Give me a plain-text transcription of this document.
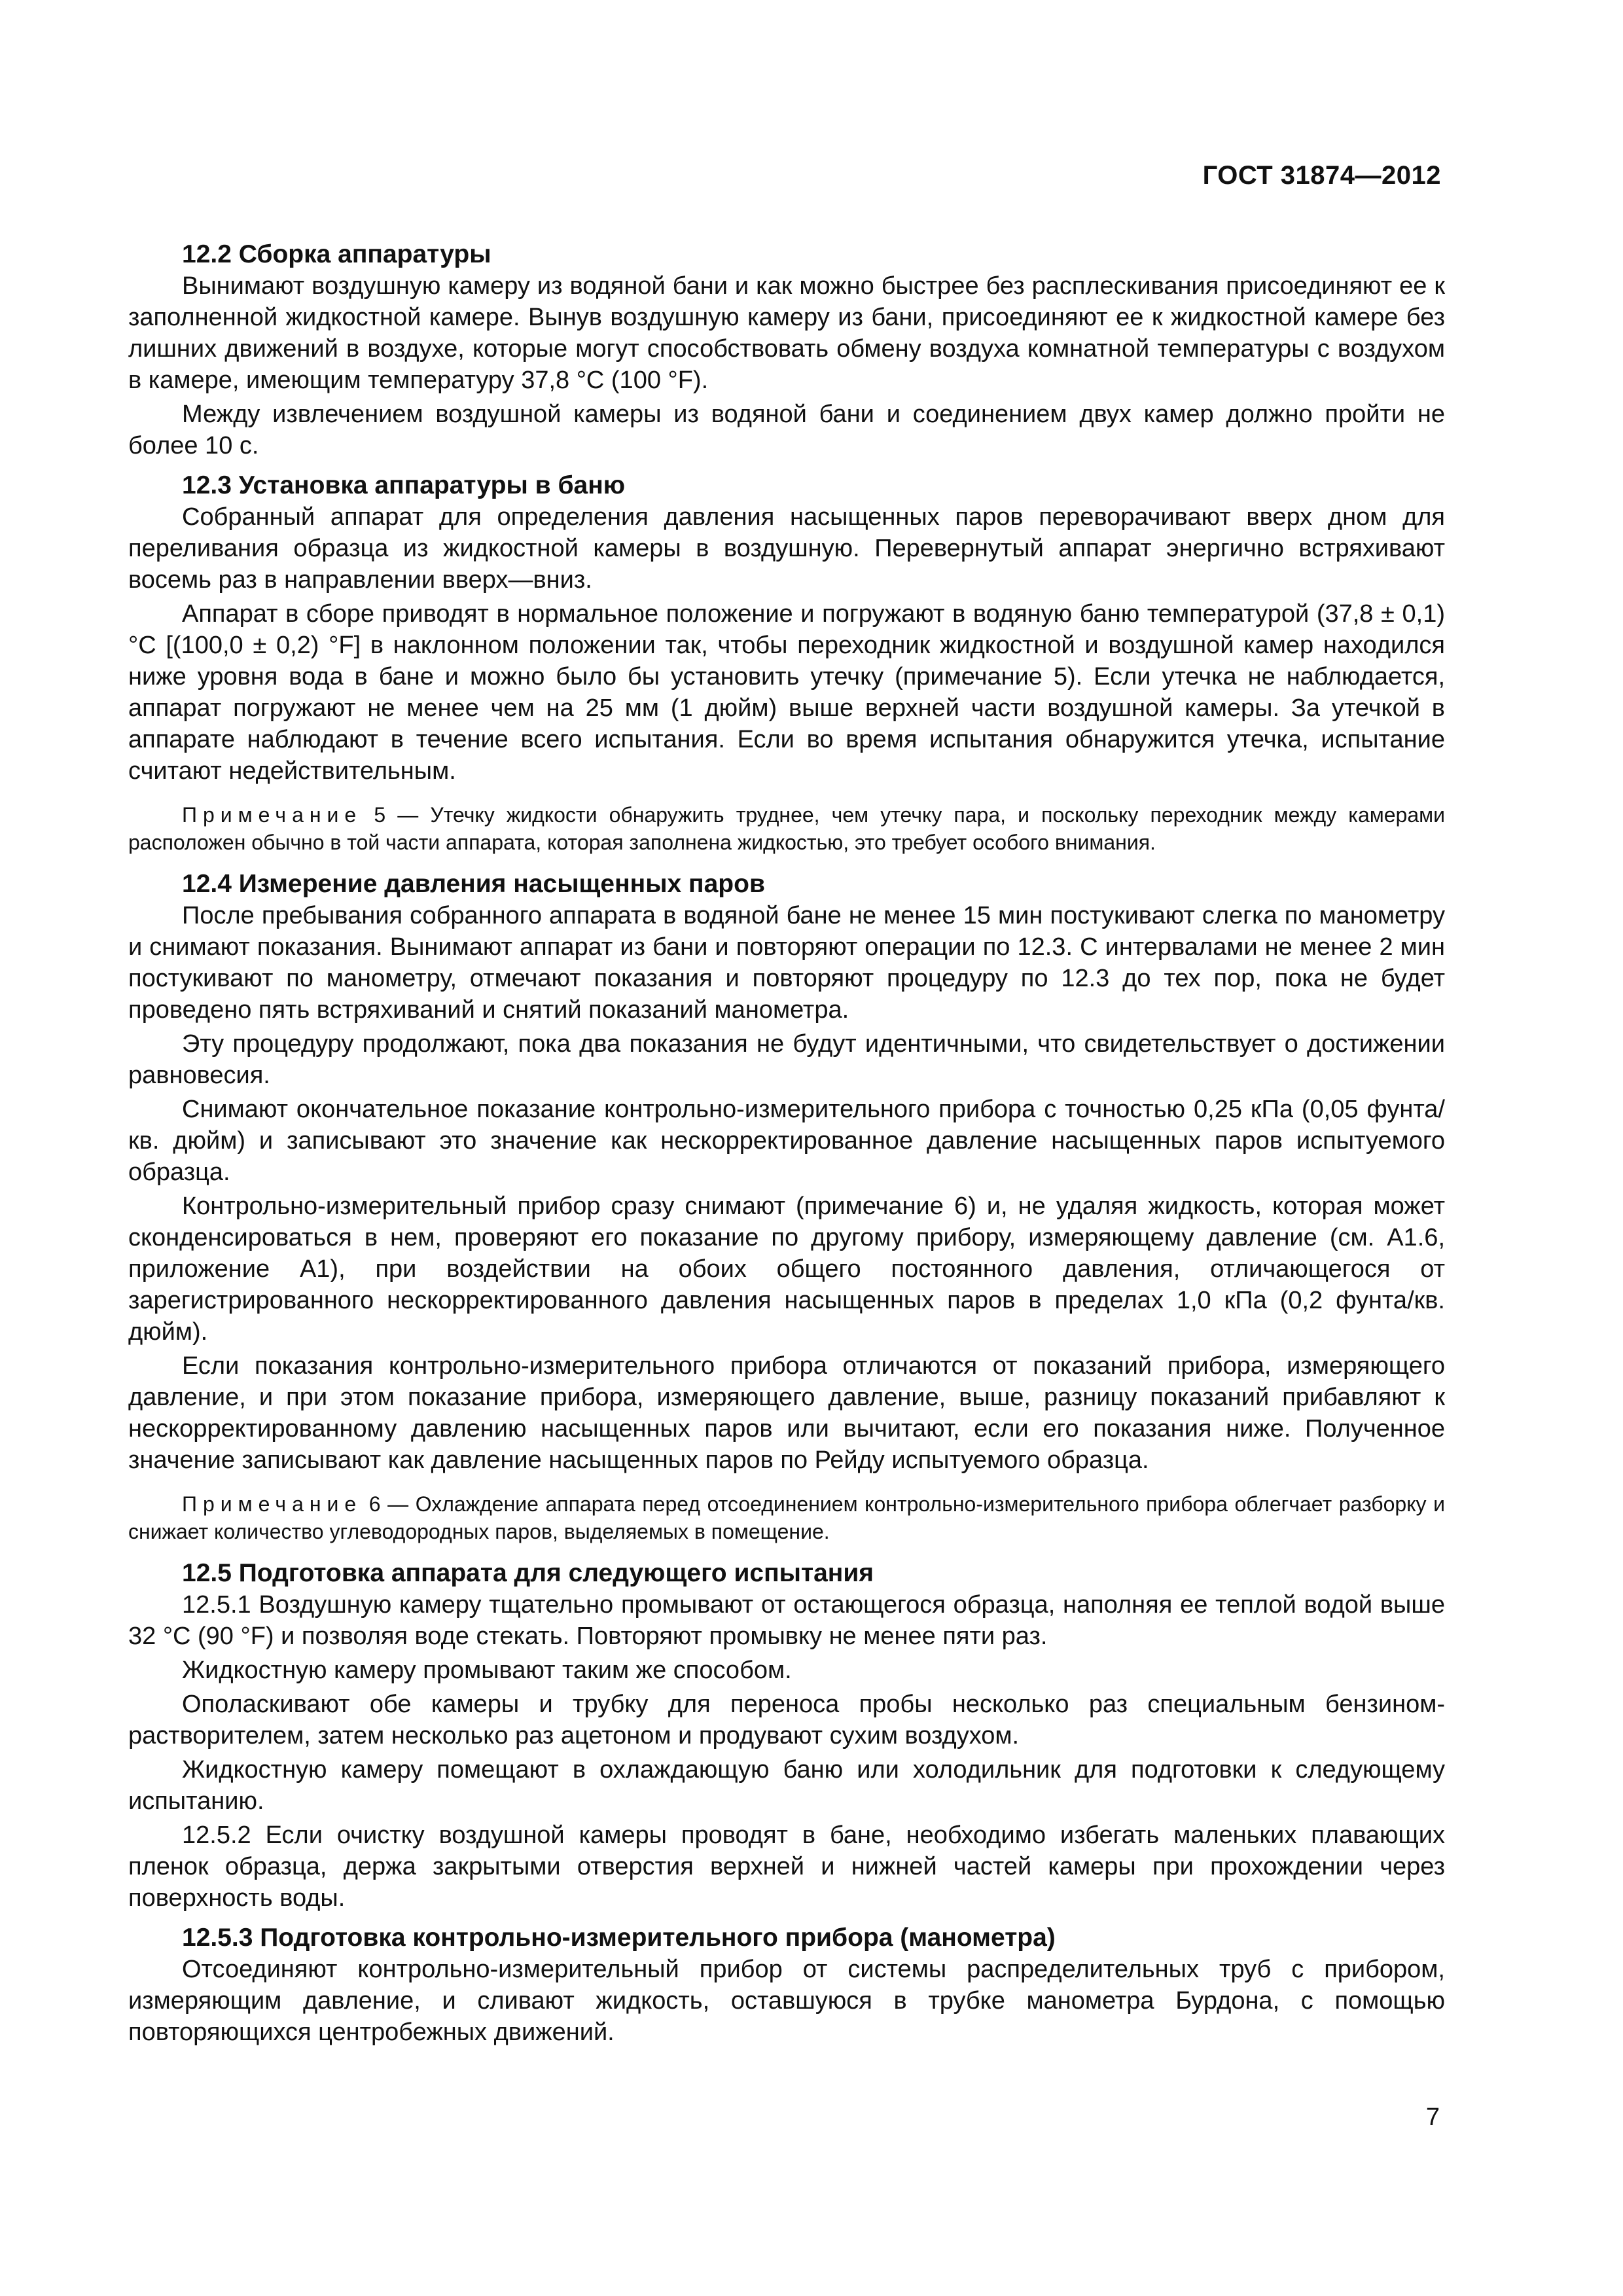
ГОСТ 31874—2012
12.2 Сборка аппаратуры

Вынимают воздушную камеру из водяной бани и как можно быстрее без расплескивания присоединяют ее к заполненной жидкостной камере. Вынув воздушную камеру из бани, присоединяют ее к жидкостной камере без лишних движений в воздухе, которые могут способствовать обмену воздуха комнатной температуры с воздухом в камере, имеющим температуру 37,8 °С (100 °F).

Между извлечением воздушной камеры из водяной бани и соединением двух камер должно пройти не более 10 с.

12.3 Установка аппаратуры в баню

Собранный аппарат для определения давления насыщенных паров переворачивают вверх дном для переливания образца из жидкостной камеры в воздушную. Перевернутый аппарат энергично встряхивают восемь раз в направлении вверх—вниз.

Аппарат в сборе приводят в нормальное положение и погружают в водяную баню температурой (37,8 ± 0,1) °С [(100,0 ± 0,2) °F] в наклонном положении так, чтобы переходник жидкостной и воздушной камер находился ниже уровня вода в бане и можно было бы установить утечку (примечание 5). Если утечка не наблюдается, аппарат погружают не менее чем на 25 мм (1 дюйм) выше верхней части воздушной камеры. За утечкой в аппарате наблюдают в течение всего испытания. Если во время испытания обнаружится утечка, испытание считают недействительным.

Примечание 5 — Утечку жидкости обнаружить труднее, чем утечку пара, и поскольку переходник между камерами расположен обычно в той части аппарата, которая заполнена жидкостью, это требует особого внимания.
12.4 Измерение давления насыщенных паров

После пребывания собранного аппарата в водяной бане не менее 15 мин постукивают слегка по манометру и снимают показания. Вынимают аппарат из бани и повторяют операции по 12.3. С интервалами не менее 2 мин постукивают по манометру, отмечают показания и повторяют процедуру по 12.3 до тех пор, пока не будет проведено пять встряхиваний и снятий показаний манометра.

Эту процедуру продолжают, пока два показания не будут идентичными, что свидетельствует о достижении равновесия.

Снимают окончательное показание контрольно-измерительного прибора с точностью 0,25 кПа (0,05 фунта/кв. дюйм) и записывают это значение как нескорректированное давление насыщенных паров испытуемого образца.

Контрольно-измерительный прибор сразу снимают (примечание 6) и, не удаляя жидкость, которая может сконденсироваться в нем, проверяют его показание по другому прибору, измеряющему давление (см. А1.6, приложение А1), при воздействии на обоих общего постоянного давления, отличающегося от зарегистрированного нескорректированного давления насыщенных паров в пределах 1,0 кПа (0,2 фунта/кв. дюйм).

Если показания контрольно-измерительного прибора отличаются от показаний прибора, измеряющего давление, и при этом показание прибора, измеряющего давление, выше, разницу показаний прибавляют к нескорректированному давлению насыщенных паров или вычитают, если его показания ниже. Полученное значение записывают как давление насыщенных паров по Рейду испытуемого образца.

Примечание 6 — Охлаждение аппарата перед отсоединением контрольно-измерительного прибора облегчает разборку и снижает количество углеводородных паров, выделяемых в помещение.
12.5 Подготовка аппарата для следующего испытания

12.5.1 Воздушную камеру тщательно промывают от остающегося образца, наполняя ее теплой водой выше 32 °С (90 °F) и позволяя воде стекать. Повторяют промывку не менее пяти раз.

Жидкостную камеру промывают таким же способом.

Ополаскивают обе камеры и трубку для переноса пробы несколько раз специальным бензином-растворителем, затем несколько раз ацетоном и продувают сухим воздухом.

Жидкостную камеру помещают в охлаждающую баню или холодильник для подготовки к следующему испытанию.

12.5.2 Если очистку воздушной камеры проводят в бане, необходимо избегать маленьких плавающих пленок образца, держа закрытыми отверстия верхней и нижней частей камеры при прохождении через поверхность воды.

12.5.3 Подготовка контрольно-измерительного прибора (манометра)

Отсоединяют контрольно-измерительный прибор от системы распределительных труб с прибором, измеряющим давление, и сливают жидкость, оставшуюся в трубке манометра Бурдона, с помощью повторяющихся центробежных движений.

7
